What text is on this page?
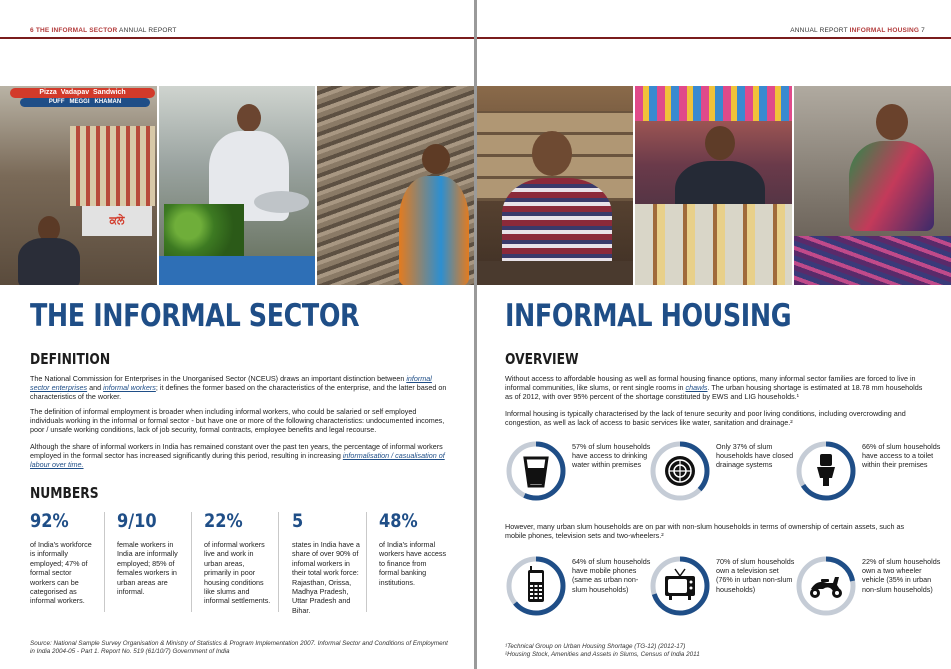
6 THE INFORMAL SECTOR ANNUAL REPORT
Pizza  Vadapav  Sandwich
PUFF   MEGGI   KHAMAN
ਕਲੇ
THE INFORMAL SECTOR
DEFINITION
The National Commission for Enterprises in the Unorganised Sector (NCEUS) draws an important distinction between informal sector enterprises and informal workers; it defines the former based on the characteristics of the enterprise, and the latter based on characteristics of the worker.
The definition of informal employment is broader when including informal workers, who could be salaried or self employed individuals working in the informal or formal sector - but have one or more of the following characteristics: undocumented incomes, poor / unsafe working conditions, lack of job security, formal contracts, employee benefits and legal recourse.
Although the share of informal workers in India has remained constant over the past ten years, the percentage of informal workers employed in the formal sector has increased significantly during this period, resulting in increasing informalisation / casualisation of labour over time.
NUMBERS
92%
of India's workforce is informally employed; 47% of formal sector workers can be categorised as informal workers.
9/10
female workers in India are informally employed; 85% of females workers in urban areas are informal.
22%
of informal workers live and work in urban areas, primarily in poor housing conditions like slums and informal settlements.
5
states in India have a share of over 90% of infomal workers in their total work force: Rajasthan, Orissa, Madhya Pradesh, Uttar Pradesh and Bihar.
48%
of India's informal workers have access to finance from formal banking institutions.
Source: National Sample Survey Organisation & Ministry of Statistics & Program Implementation 2007. Informal Sector and Conditions of Employment in India 2004-05 - Part 1. Report No. 519 (61/10/7) Government of India
ANNUAL REPORT INFORMAL HOUSING 7
INFORMAL HOUSING
OVERVIEW
Without access to affordable housing as well as formal housing finance options, many informal sector families are forced to live in informal communities, like slums, or rent single rooms in chawls. The urban housing shortage is estimated at 18.78 mm households as of 2012, with over 95% percent of the shortage constituted by EWS and LIG households.¹
Informal housing is typically characterised by the lack of tenure security and poor living conditions, including overcrowding and congestion, as well as lack of access to basic services like water, sanitation and drainage.²
57% of slum households have access to drinking water within premises
Only 37% of slum households have closed drainage systems
66% of slum households have access to a toilet within their premises
However, many urban slum households are on par with non-slum households in terms of ownership of certain assets, such as mobile phones, television sets and two-wheelers.²
64% of slum households have mobile phones (same as urban non-slum households)
70% of slum households own a television set (76% in urban non-slum households)
22% of slum households own a two wheeler vehicle (35% in urban non-slum households)
¹Technical Group on Urban Housing Shortage (TG-12) (2012-17)
²Housing Stock, Amenities and Assets in Slums, Census of India 2011
